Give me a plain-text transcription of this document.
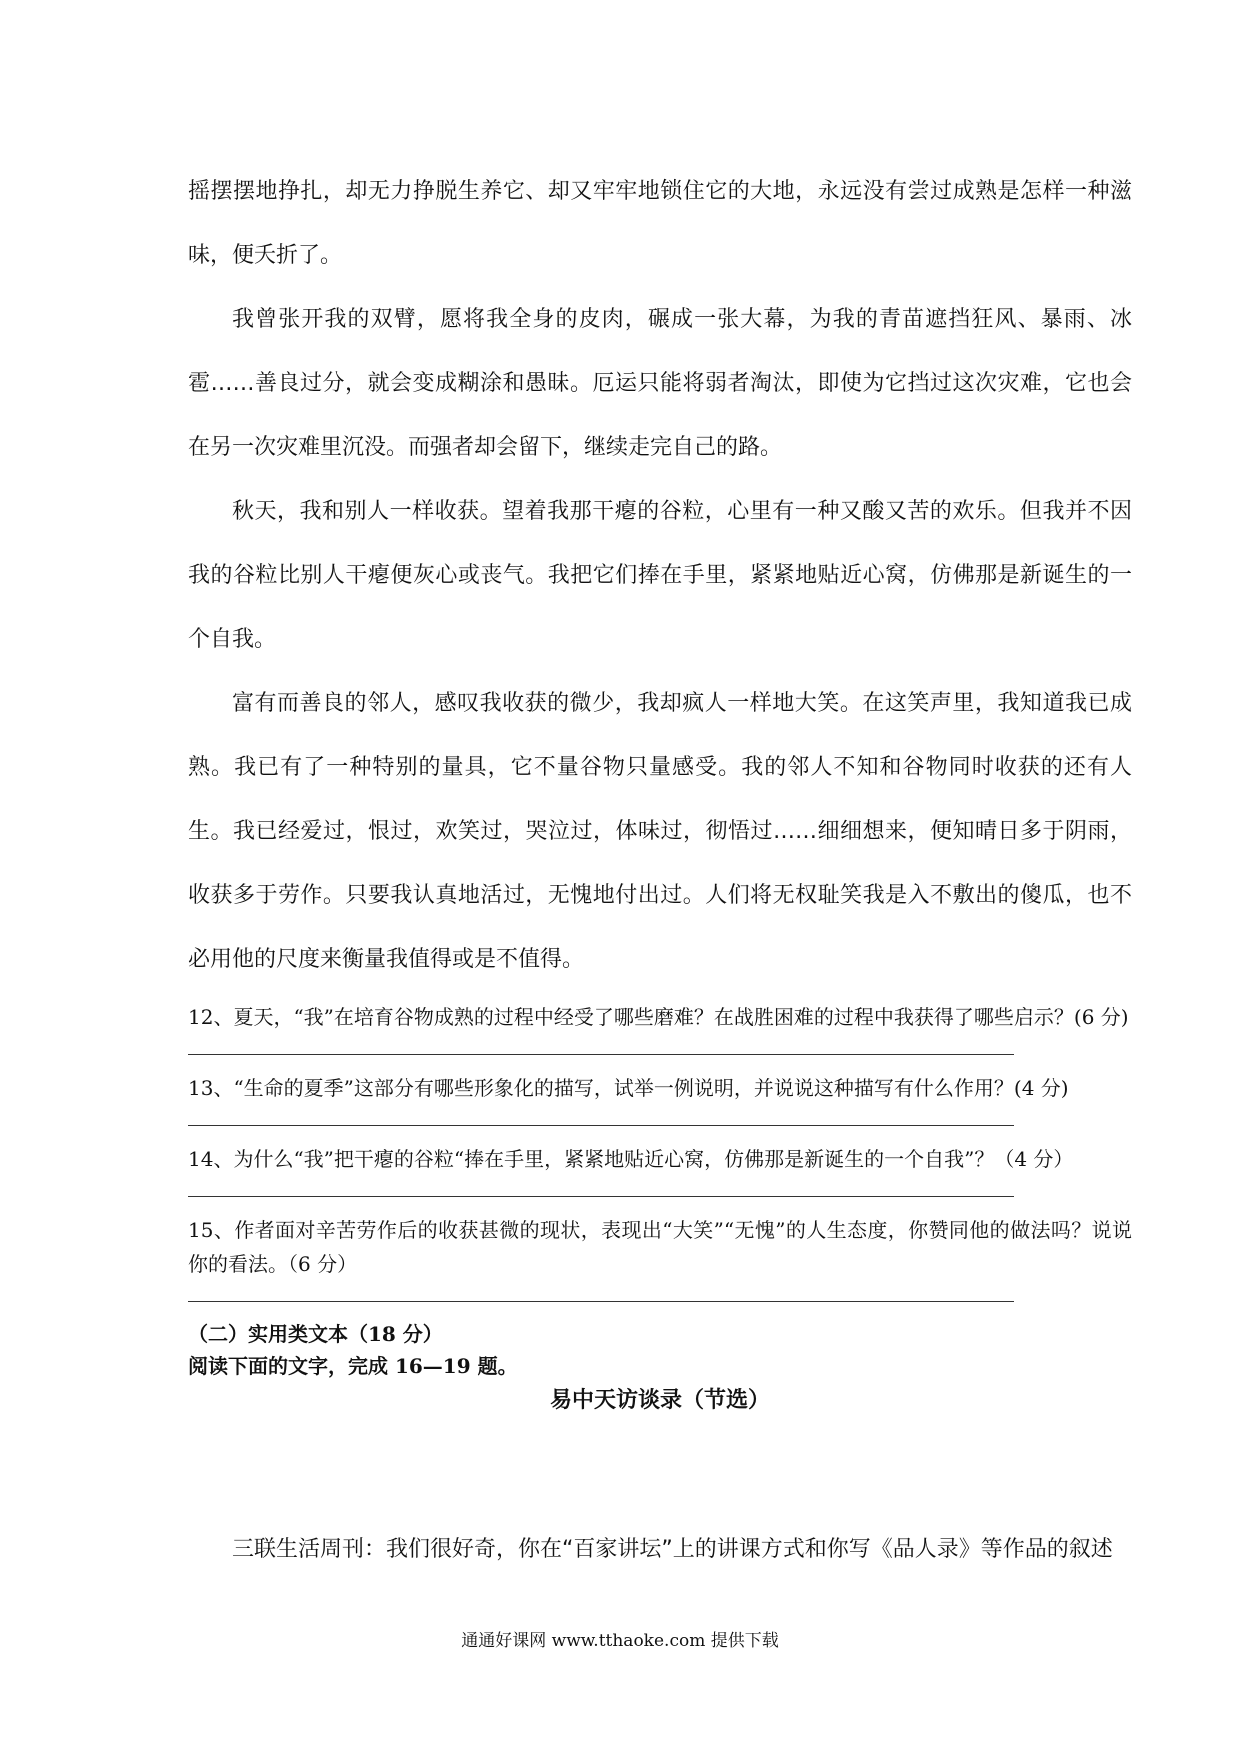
摇摆摆地挣扎，却无力挣脱生养它、却又牢牢地锁住它的大地，永远没有尝过成熟是怎样一种滋味，便夭折了。

我曾张开我的双臂，愿将我全身的皮肉，碾成一张大幕，为我的青苗遮挡狂风、暴雨、冰雹……善良过分，就会变成糊涂和愚昧。厄运只能将弱者淘汰，即使为它挡过这次灾难，它也会在另一次灾难里沉没。而强者却会留下，继续走完自己的路。

秋天，我和别人一样收获。望着我那干瘪的谷粒，心里有一种又酸又苦的欢乐。但我并不因我的谷粒比别人干瘪便灰心或丧气。我把它们捧在手里，紧紧地贴近心窝，仿佛那是新诞生的一个自我。

富有而善良的邻人，感叹我收获的微少，我却疯人一样地大笑。在这笑声里，我知道我已成熟。我已有了一种特别的量具，它不量谷物只量感受。我的邻人不知和谷物同时收获的还有人生。我已经爱过，恨过，欢笑过，哭泣过，体味过，彻悟过……细细想来，便知晴日多于阴雨，收获多于劳作。只要我认真地活过，无愧地付出过。人们将无权耻笑我是入不敷出的傻瓜，也不必用他的尺度来衡量我值得或是不值得。

12、夏天，“我”在培育谷物成熟的过程中经受了哪些磨难？在战胜困难的过程中我获得了哪些启示？(6 分)

13、“生命的夏季”这部分有哪些形象化的描写，试举一例说明，并说说这种描写有什么作用？(4 分)

14、为什么“我”把干瘪的谷粒“捧在手里，紧紧地贴近心窝，仿佛那是新诞生的一个自我”？（4 分）

15、作者面对辛苦劳作后的收获甚微的现状，表现出“大笑”“无愧”的人生态度，你赞同他的做法吗？说说你的看法。（6 分）

（二）实用类文本（18 分）

阅读下面的文字，完成 16—19 题。

易中天访谈录（节选）

三联生活周刊：我们很好奇，你在“百家讲坛”上的讲课方式和你写《品人录》等作品的叙述

通通好课网 www.tthaoke.com 提供下载
